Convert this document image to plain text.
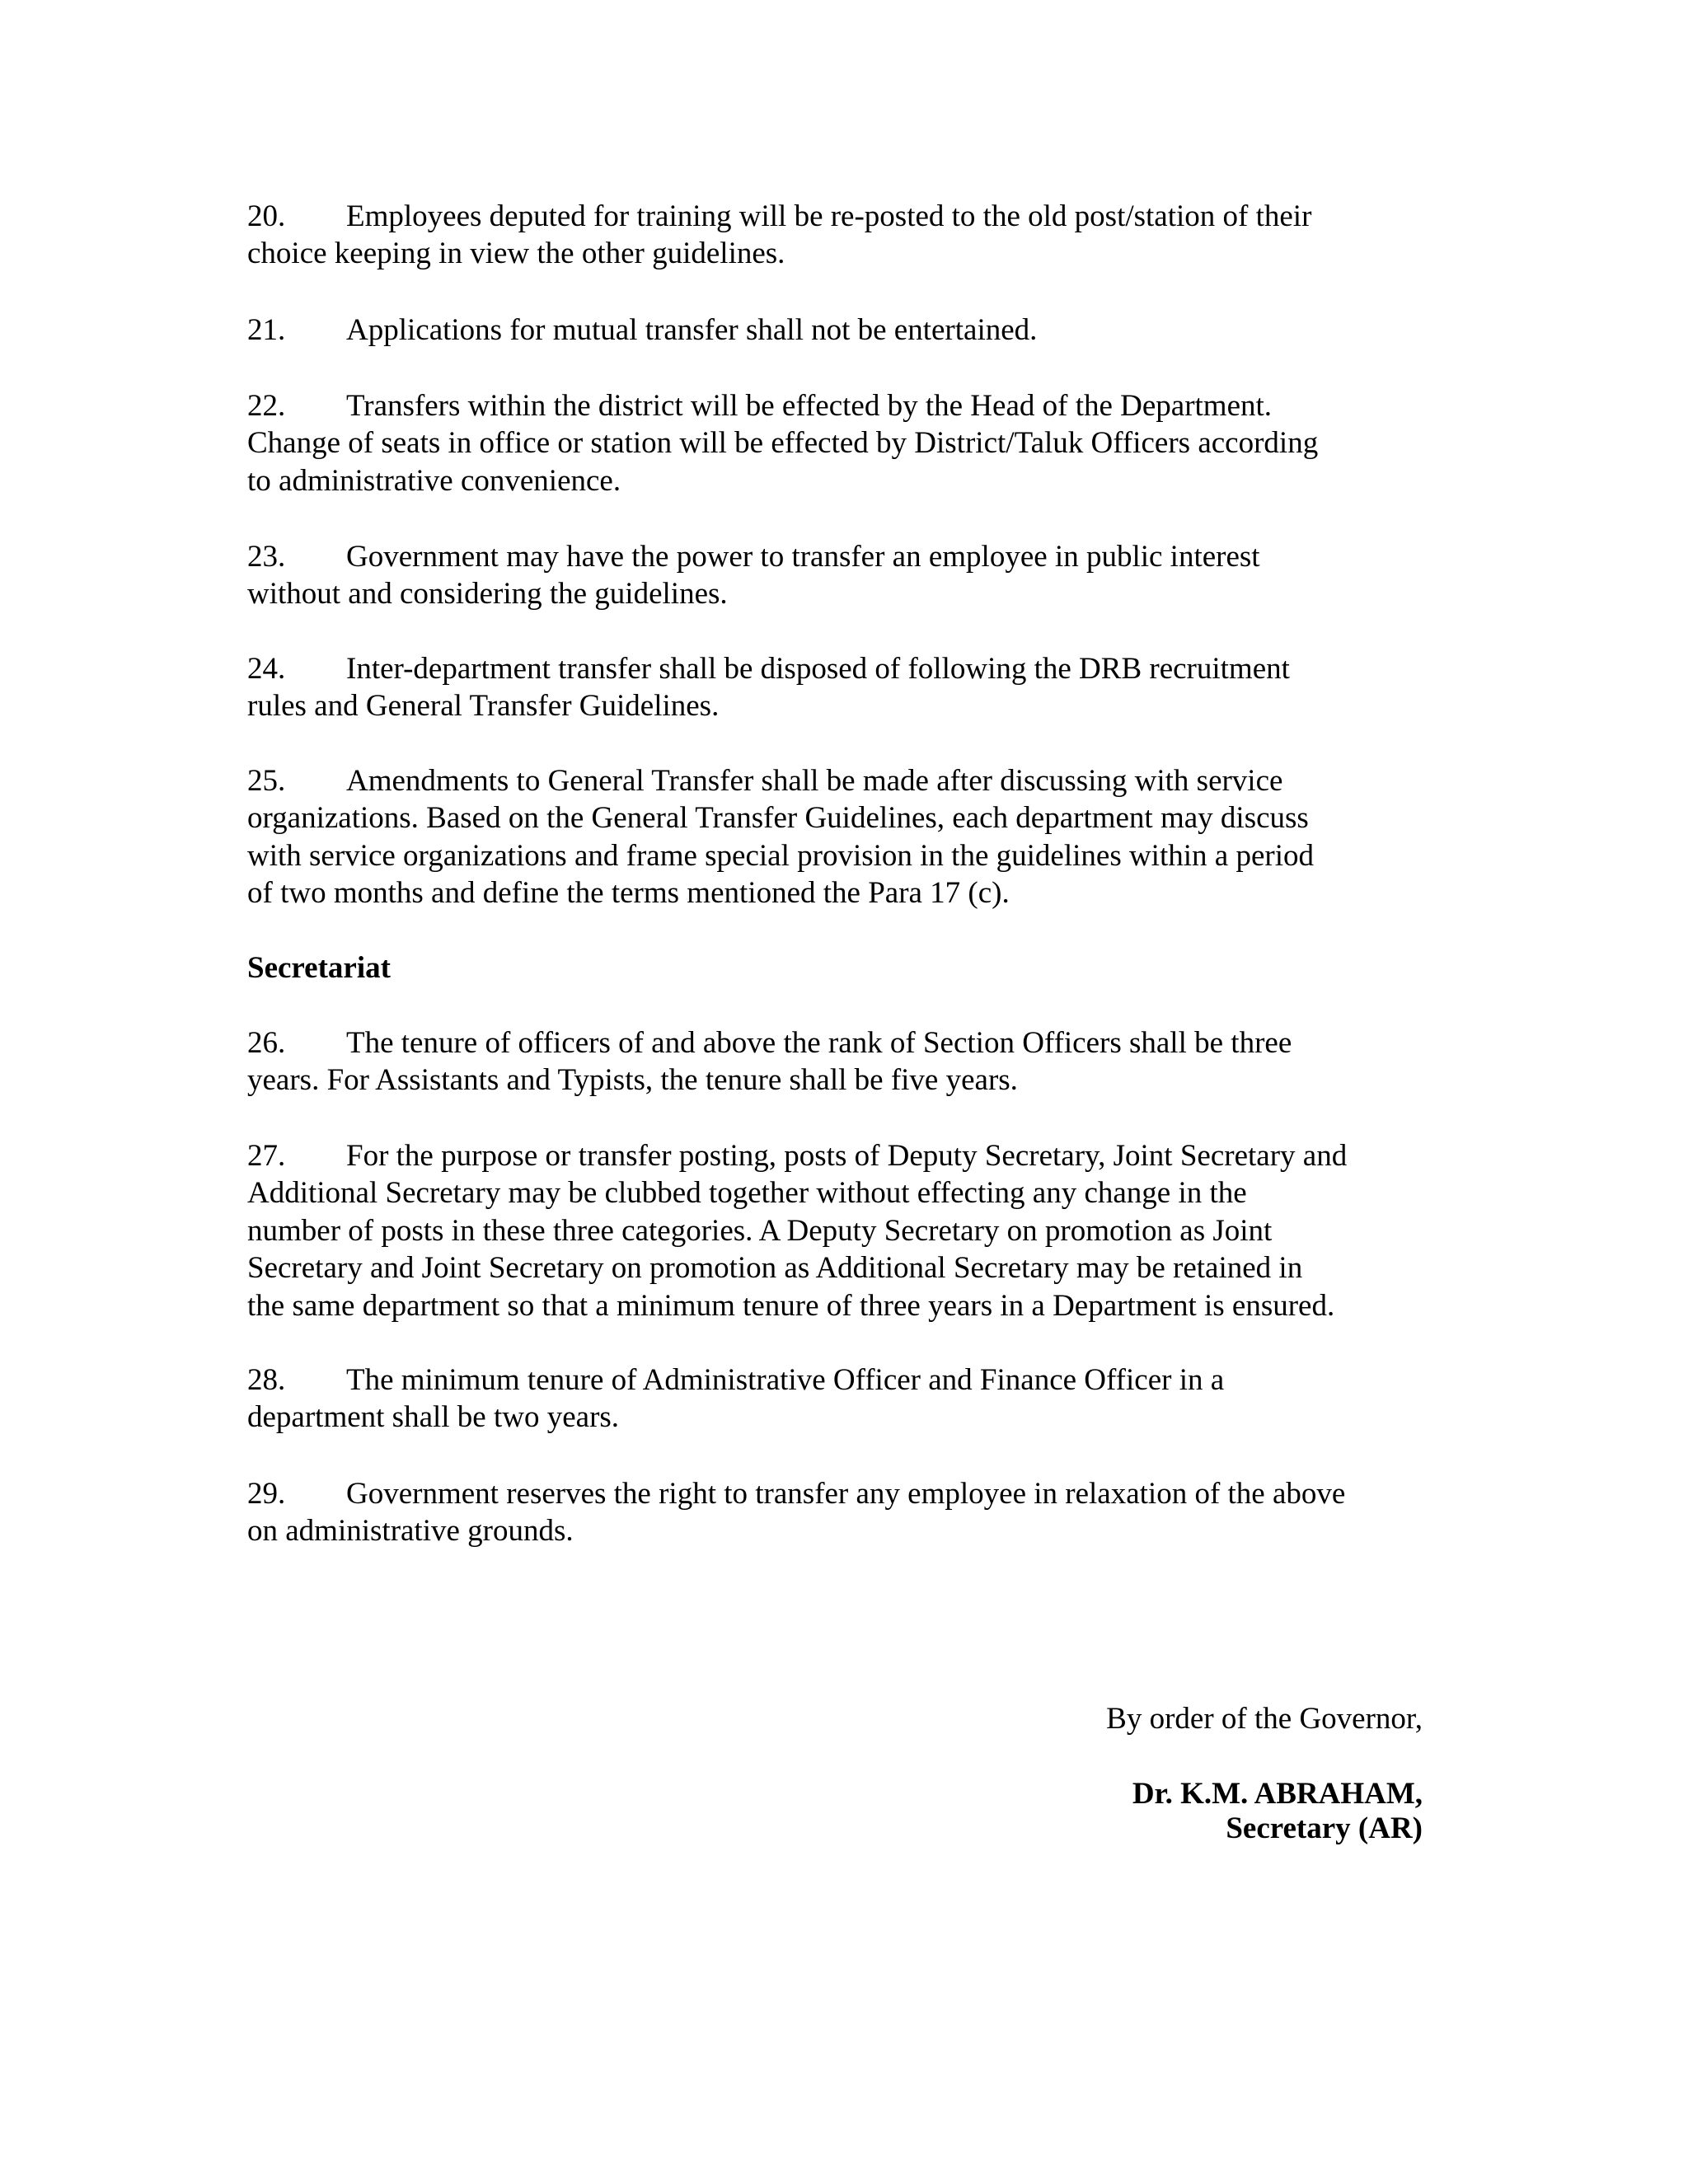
20. Employees deputed for training will be re-posted to the old post/station of their
choice keeping in view the other guidelines.
21. Applications for mutual transfer shall not be entertained.
22. Transfers within the district will be effected by the Head of the Department.
Change of seats in office or station will be effected by District/Taluk Officers according
to administrative convenience.
23. Government may have the power to transfer an employee in public interest
without and considering the guidelines.
24. Inter-department transfer shall be disposed of following the DRB recruitment
rules and General Transfer Guidelines.
25. Amendments to General Transfer shall be made after discussing with service
organizations. Based on the General Transfer Guidelines, each department may discuss
with service organizations and frame special provision in the guidelines within a period
of two months and define the terms mentioned the Para 17 (c).
Secretariat
26. The tenure of officers of and above the rank of Section Officers shall be three
years. For Assistants and Typists, the tenure shall be five years.
27. For the purpose or transfer posting, posts of Deputy Secretary, Joint Secretary and
Additional Secretary may be clubbed together without effecting any change in the
number of posts in these three categories. A Deputy Secretary on promotion as Joint
Secretary and Joint Secretary on promotion as Additional Secretary may be retained in
the same department so that a minimum tenure of three years in a Department is ensured.
28. The minimum tenure of Administrative Officer and Finance Officer in a
department shall be two years.
29. Government reserves the right to transfer any employee in relaxation of the above
on administrative grounds.
By order of the Governor,
Dr. K.M. ABRAHAM,
Secretary (AR)
